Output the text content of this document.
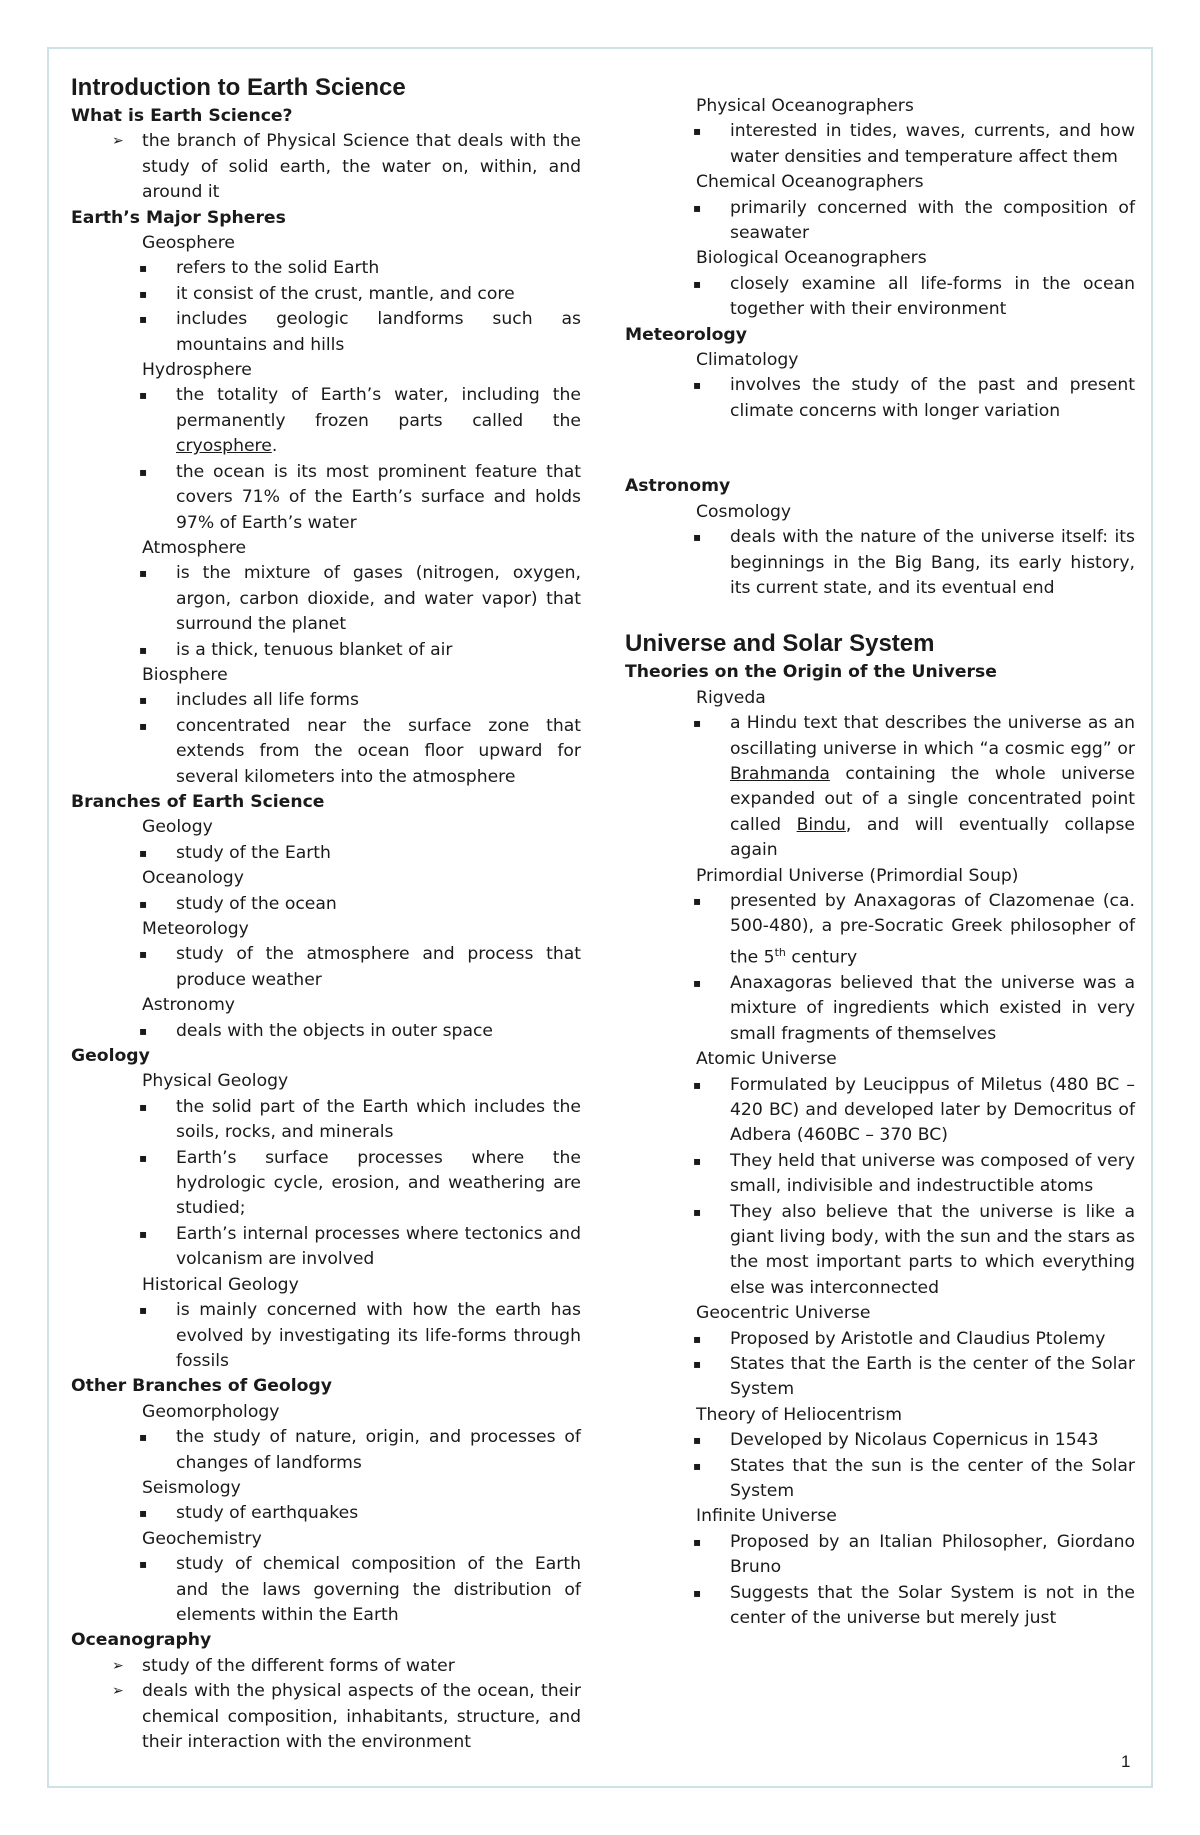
Introduction to Earth Science

What is Earth Science?

➢	the branch of Physical Science that deals with the study of solid earth, the water on, within, and around it

Earth’s Major Spheres

Geosphere

▪	refers to the solid Earth
▪	it consist of the crust, mantle, and core
▪	includes geologic landforms such as mountains and hills

Hydrosphere

▪	the totality of Earth’s water, including the permanently frozen parts called the cryosphere.
▪	the ocean is its most prominent feature that covers 71% of the Earth’s surface and holds 97% of Earth’s water

Atmosphere

▪	is the mixture of gases (nitrogen, oxygen, argon, carbon dioxide, and water vapor) that surround the planet
▪	is a thick, tenuous blanket of air

Biosphere

▪	includes all life forms
▪	concentrated near the surface zone that extends from the ocean floor upward for several kilometers into the atmosphere

Branches of Earth Science

Geology

▪	study of the Earth

Oceanology

▪	study of the ocean

Meteorology

▪	study of the atmosphere and process that produce weather

Astronomy

▪	deals with the objects in outer space

Geology

Physical Geology

▪	the solid part of the Earth which includes the soils, rocks, and minerals
▪	Earth’s surface processes where the hydrologic cycle, erosion, and weathering are studied;
▪	Earth’s internal processes where tectonics and volcanism are involved

Historical Geology

▪	is mainly concerned with how the earth has evolved by investigating its life-forms through fossils

Other Branches of Geology

Geomorphology

▪	the study of nature, origin, and processes of changes of landforms

Seismology

▪	study of earthquakes

Geochemistry

▪	study of chemical composition of the Earth and the laws governing the distribution of elements within the Earth

Oceanography

➢	study of the different forms of water
➢	deals with the physical aspects of the ocean, their chemical composition, inhabitants, structure, and their interaction with the environment

Physical Oceanographers

▪	interested in tides, waves, currents, and how water densities and temperature affect them

Chemical Oceanographers

▪	primarily concerned with the composition of seawater

Biological Oceanographers

▪	closely examine all life-forms in the ocean together with their environment

Meteorology

Climatology

▪	involves the study of the past and present climate concerns with longer variation

Astronomy

Cosmology

▪	deals with the nature of the universe itself: its beginnings in the Big Bang, its early history, its current state, and its eventual end

Universe and Solar System

Theories on the Origin of the Universe

Rigveda

▪	a Hindu text that describes the universe as an oscillating universe in which “a cosmic egg” or Brahmanda containing the whole universe expanded out of a single concentrated point called Bindu, and will eventually collapse again

Primordial Universe (Primordial Soup)

▪	presented by Anaxagoras of Clazomenae (ca. 500-480), a pre-Socratic Greek philosopher of the 5th century
▪	Anaxagoras believed that the universe was a mixture of ingredients which existed in very small fragments of themselves

Atomic Universe

▪	Formulated by Leucippus of Miletus (480 BC – 420 BC) and developed later by Democritus of Adbera (460BC – 370 BC)
▪	They held that universe was composed of very small, indivisible and indestructible atoms
▪	They also believe that the universe is like a giant living body, with the sun and the stars as the most important parts to which everything else was interconnected

Geocentric Universe

▪	Proposed by Aristotle and Claudius Ptolemy
▪	States that the Earth is the center of the Solar System

Theory of Heliocentrism

▪	Developed by Nicolaus Copernicus in 1543
▪	States that the sun is the center of the Solar System

Infinite Universe

▪	Proposed by an Italian Philosopher, Giordano Bruno
▪	Suggests that the Solar System is not in the center of the universe but merely just
1
